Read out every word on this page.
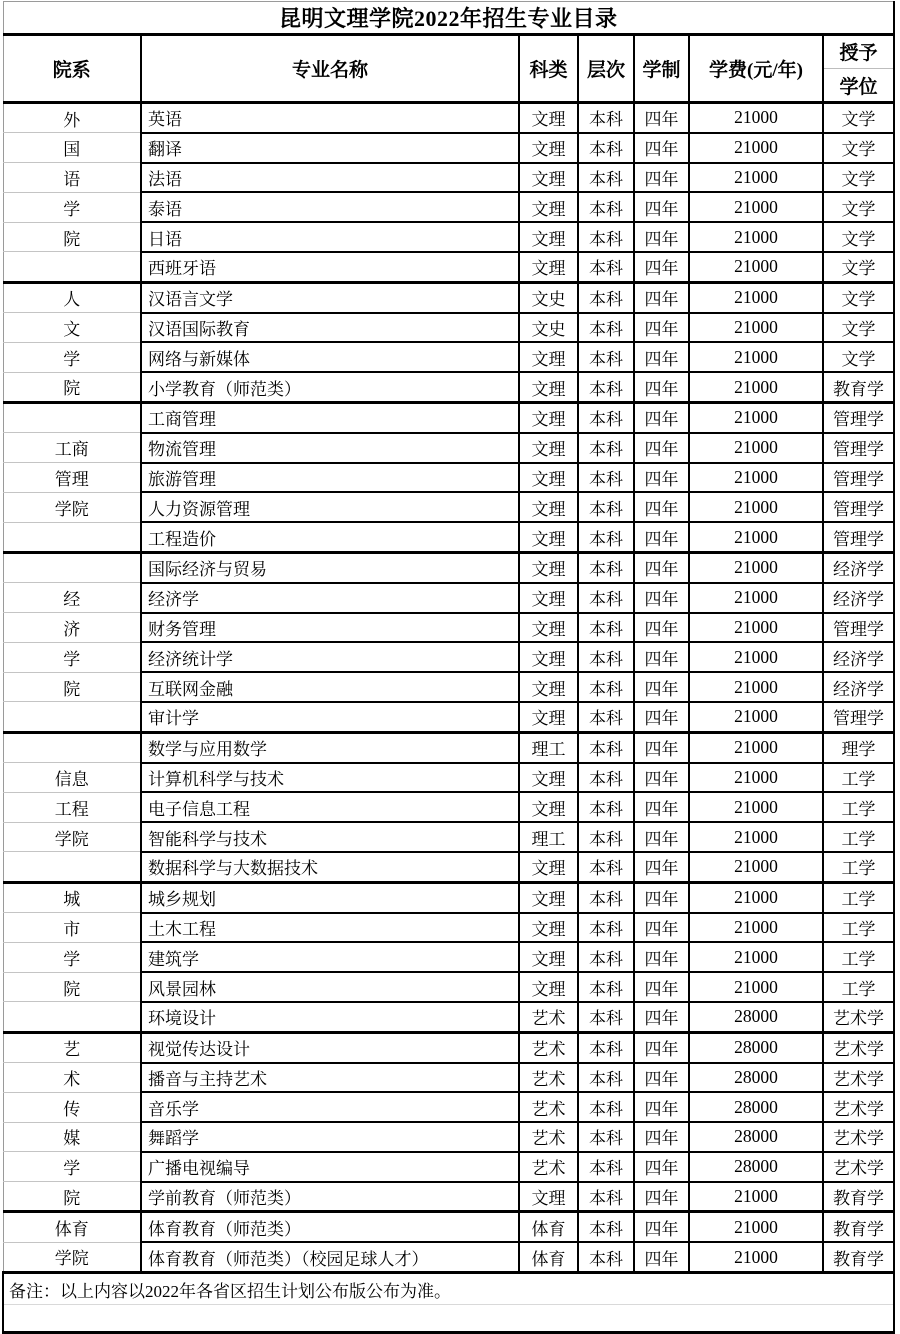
昆明文理学院2022年招生专业目录						
院系	专业名称	科类	层次	学制	学费(元/年)	授予
学位

外	英语	文理	本科	四年	21000	文学
国	翻译	文理	本科	四年	21000	文学
语	法语	文理	本科	四年	21000	文学
学	泰语	文理	本科	四年	21000	文学
院	日语	文理	本科	四年	21000	文学
	西班牙语	文理	本科	四年	21000	文学
人	汉语言文学	文史	本科	四年	21000	文学
文	汉语国际教育	文史	本科	四年	21000	文学
学	网络与新媒体	文理	本科	四年	21000	文学
院	小学教育（师范类）	文理	本科	四年	21000	教育学
	工商管理	文理	本科	四年	21000	管理学
工商	物流管理	文理	本科	四年	21000	管理学
管理	旅游管理	文理	本科	四年	21000	管理学
学院	人力资源管理	文理	本科	四年	21000	管理学
	工程造价	文理	本科	四年	21000	管理学
	国际经济与贸易	文理	本科	四年	21000	经济学
经	经济学	文理	本科	四年	21000	经济学
济	财务管理	文理	本科	四年	21000	管理学
学	经济统计学	文理	本科	四年	21000	经济学
院	互联网金融	文理	本科	四年	21000	经济学
	审计学	文理	本科	四年	21000	管理学
	数学与应用数学	理工	本科	四年	21000	理学
信息	计算机科学与技术	文理	本科	四年	21000	工学
工程	电子信息工程	文理	本科	四年	21000	工学
学院	智能科学与技术	理工	本科	四年	21000	工学
	数据科学与大数据技术	文理	本科	四年	21000	工学
城	城乡规划	文理	本科	四年	21000	工学
市	土木工程	文理	本科	四年	21000	工学
学	建筑学	文理	本科	四年	21000	工学
院	风景园林	文理	本科	四年	21000	工学
	环境设计	艺术	本科	四年	28000	艺术学
艺	视觉传达设计	艺术	本科	四年	28000	艺术学
术	播音与主持艺术	艺术	本科	四年	28000	艺术学
传	音乐学	艺术	本科	四年	28000	艺术学
媒	舞蹈学	艺术	本科	四年	28000	艺术学
学	广播电视编导	艺术	本科	四年	28000	艺术学
院	学前教育（师范类）	文理	本科	四年	21000	教育学
体育	体育教育（师范类）	体育	本科	四年	21000	教育学
学院	体育教育（师范类）（校园足球人才）	体育	本科	四年	21000	教育学
备注：以上内容以2022年各省区招生计划公布版公布为准。						
